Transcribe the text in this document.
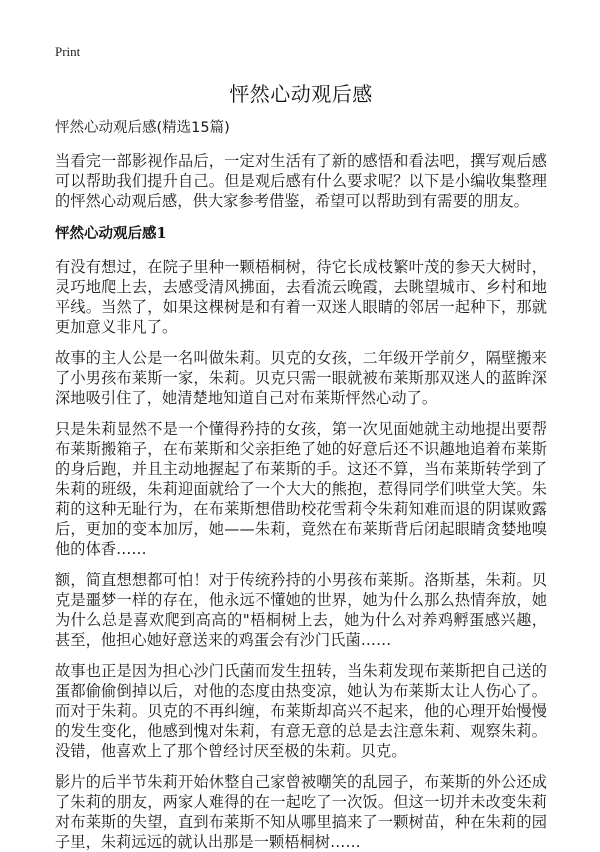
Print
怦然心动观后感
怦然心动观后感(精选15篇)

当看完一部影视作品后，一定对生活有了新的感悟和看法吧，撰写观后感可以帮助我们提升自己。但是观后感有什么要求呢？以下是小编收集整理的怦然心动观后感，供大家参考借鉴，希望可以帮助到有需要的朋友。

怦然心动观后感1

有没有想过，在院子里种一颗梧桐树，待它长成枝繁叶茂的参天大树时，灵巧地爬上去，去感受清风拂面，去看流云晚霞，去眺望城市、乡村和地平线。当然了，如果这棵树是和有着一双迷人眼睛的邻居一起种下，那就更加意义非凡了。

故事的主人公是一名叫做朱莉。贝克的女孩，二年级开学前夕，隔壁搬来了小男孩布莱斯一家，朱莉。贝克只需一眼就被布莱斯那双迷人的蓝眸深深地吸引住了，她清楚地知道自己对布莱斯怦然心动了。

只是朱莉显然不是一个懂得矜持的女孩，第一次见面她就主动地提出要帮布莱斯搬箱子，在布莱斯和父亲拒绝了她的好意后还不识趣地追着布莱斯的身后跑，并且主动地握起了布莱斯的手。这还不算，当布莱斯转学到了朱莉的班级，朱莉迎面就给了一个大大的熊抱，惹得同学们哄堂大笑。朱莉的这种无耻行为，在布莱斯想借助校花雪莉令朱莉知难而退的阴谋败露后，更加的变本加厉，她——朱莉，竟然在布莱斯背后闭起眼睛贪婪地嗅他的体香……

额，简直想想都可怕！对于传统矜持的小男孩布莱斯。洛斯基，朱莉。贝克是噩梦一样的存在，他永远不懂她的世界，她为什么那么热情奔放，她为什么总是喜欢爬到高高的"梧桐树上去，她为什么对养鸡孵蛋感兴趣，甚至，他担心她好意送来的鸡蛋会有沙门氏菌……

故事也正是因为担心沙门氏菌而发生扭转，当朱莉发现布莱斯把自己送的蛋都偷偷倒掉以后，对他的态度由热变凉，她认为布莱斯太让人伤心了。而对于朱莉。贝克的不再纠缠，布莱斯却高兴不起来，他的心理开始慢慢的发生变化，他感到愧对朱莉，有意无意的总是去注意朱莉、观察朱莉。没错，他喜欢上了那个曾经讨厌至极的朱莉。贝克。

影片的后半节朱莉开始休整自己家曾被嘲笑的乱园子，布莱斯的外公还成了朱莉的朋友，两家人难得的在一起吃了一次饭。但这一切并未改变朱莉对布莱斯的失望，直到布莱斯不知从哪里搞来了一颗树苗，种在朱莉的园子里，朱莉远远的就认出那是一颗梧桐树……
